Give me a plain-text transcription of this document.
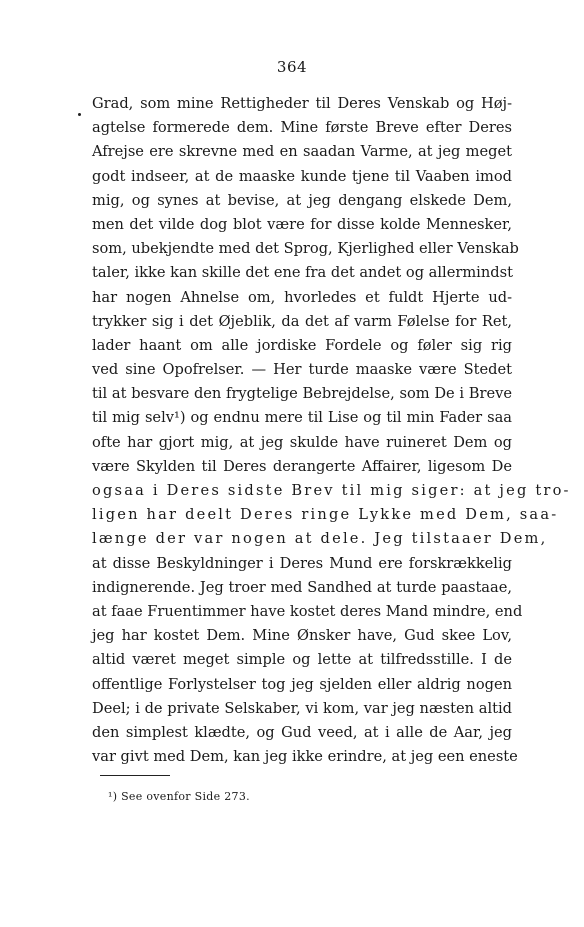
364
Grad, som mine Rettigheder til Deres Venskab og Høj-
agtelse formerede dem. Mine første Breve efter Deres
Afrejse ere skrevne med en saadan Varme, at jeg meget
godt indseer, at de maaske kunde tjene til Vaaben imod
mig, og synes at bevise, at jeg dengang elskede Dem,
men det vilde dog blot være for disse kolde Mennesker,
som, ubekjendte med det Sprog, Kjerlighed eller Venskab
taler, ikke kan skille det ene fra det andet og allermindst
har nogen Ahnelse om, hvorledes et fuldt Hjerte ud-
trykker sig i det Øjeblik, da det af varm Følelse for Ret,
lader haant om alle jordiske Fordele og føler sig rig
ved sine Opofrelser. — Her turde maaske være Stedet
til at besvare den frygtelige Bebrejdelse, som De i Breve
til mig selv¹) og endnu mere til Lise og til min Fader saa
ofte har gjort mig, at jeg skulde have ruineret Dem og
være Skylden til Deres derangerte Affairer, ligesom De
ogsaa i Deres sidste Brev til mig siger: at jeg tro-
ligen har deelt Deres ringe Lykke med Dem, saa-
længe der var nogen at dele. Jeg tilstaaer Dem,
at disse Beskyldninger i Deres Mund ere forskrækkelig
indignerende. Jeg troer med Sandhed at turde paastaae,
at faae Fruentimmer have kostet deres Mand mindre, end
jeg har kostet Dem. Mine Ønsker have, Gud skee Lov,
altid været meget simple og lette at tilfredsstille. I de
offentlige Forlystelser tog jeg sjelden eller aldrig nogen
Deel; i de private Selskaber, vi kom, var jeg næsten altid
den simplest klædte, og Gud veed, at i alle de Aar, jeg
var givt med Dem, kan jeg ikke erindre, at jeg een eneste
¹) See ovenfor Side 273.
